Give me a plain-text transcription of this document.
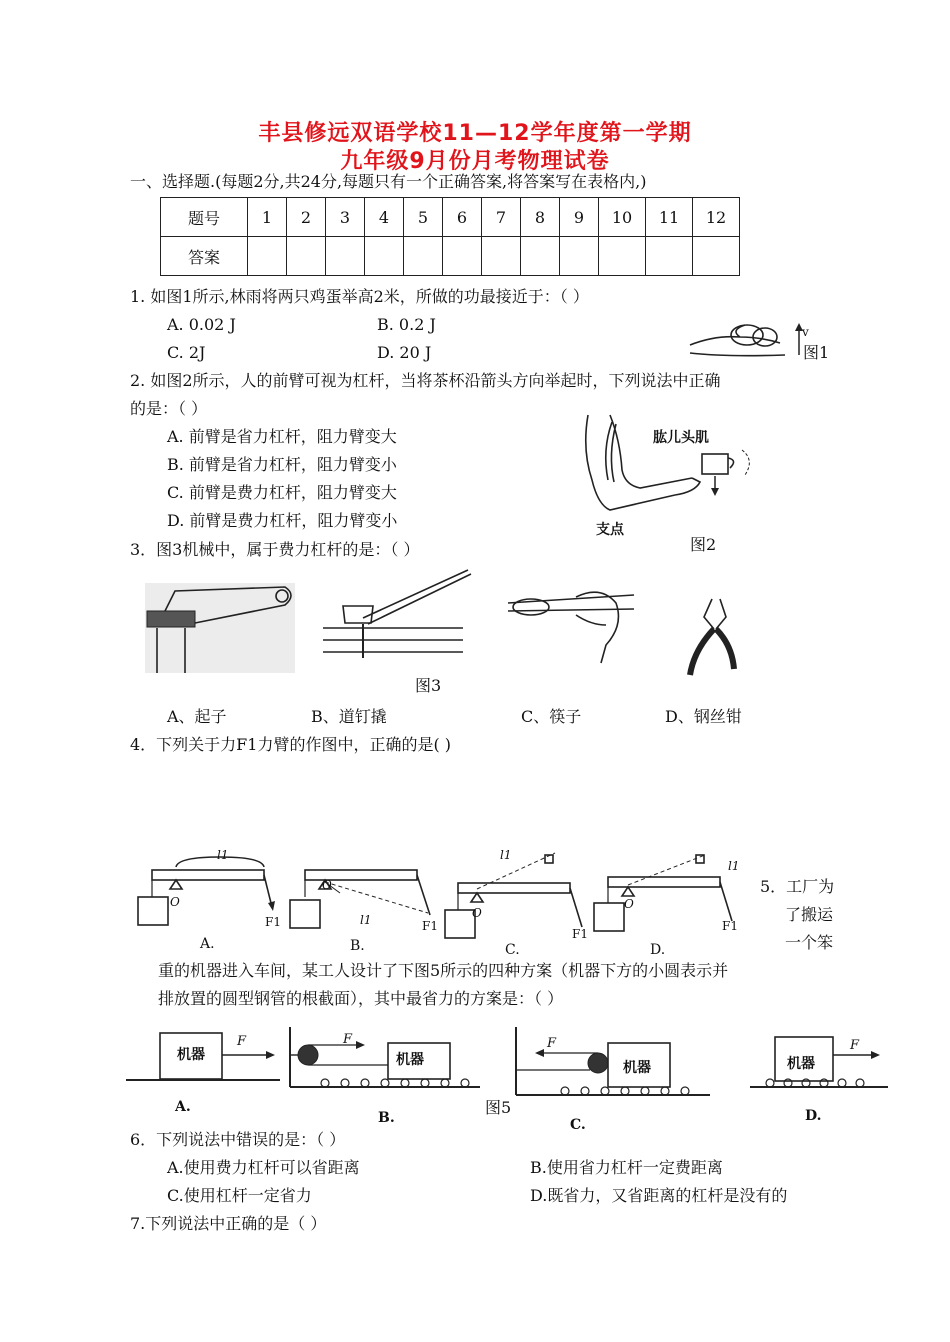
丰县修远双语学校11—12学年度第一学期
九年级9月份月考物理试卷
一、选择题.(每题2分,共24分,每题只有一个正确答案,将答案写在表格内,)
题号	1	2	3	4	5	6	7	8	9	10	11	12
答案												
1. 如图1所示,林雨将两只鸡蛋举高2米，所做的功最接近于：（ ）
A. 0.02 J	B. 0.2 J
C. 2J	D. 20 J
v
图1
2. 如图2所示，人的前臂可视为杠杆，当将茶杯沿箭头方向举起时，下列说法中正确
的是：（ ）
A. 前臂是省力杠杆，阻力臂变大
B. 前臂是省力杠杆，阻力臂变小
C. 前臂是费力杠杆，阻力臂变大
D. 前臂是费力杠杆，阻力臂变小
肱儿头肌
支点
图2
3．图3机械中，属于费力杠杆的是：（ ）
图3
A、起子	B、道钉撬	C、筷子	D、钢丝钳
4．下列关于力F1力臂的作图中，正确的是( )
l1
O
F1
A.
l1
O
F1
B.
l1
O
F1
C.
l1
O
F1
D.
5．工厂为
了搬运
一个笨
重的机器进入车间，某工人设计了下图5所示的四种方案（机器下方的小圆表示并
排放置的圆型钢管的根截面），其中最省力的方案是：（ ）
机器
F
A.
机器
F
B.
机器
F
C.
机器
F
D.
图5
6．下列说法中错误的是：（ ）
A.使用费力杠杆可以省距离	B.使用省力杠杆一定费距离
C.使用杠杆一定省力	D.既省力，又省距离的杠杆是没有的
7.下列说法中正确的是（ ）
